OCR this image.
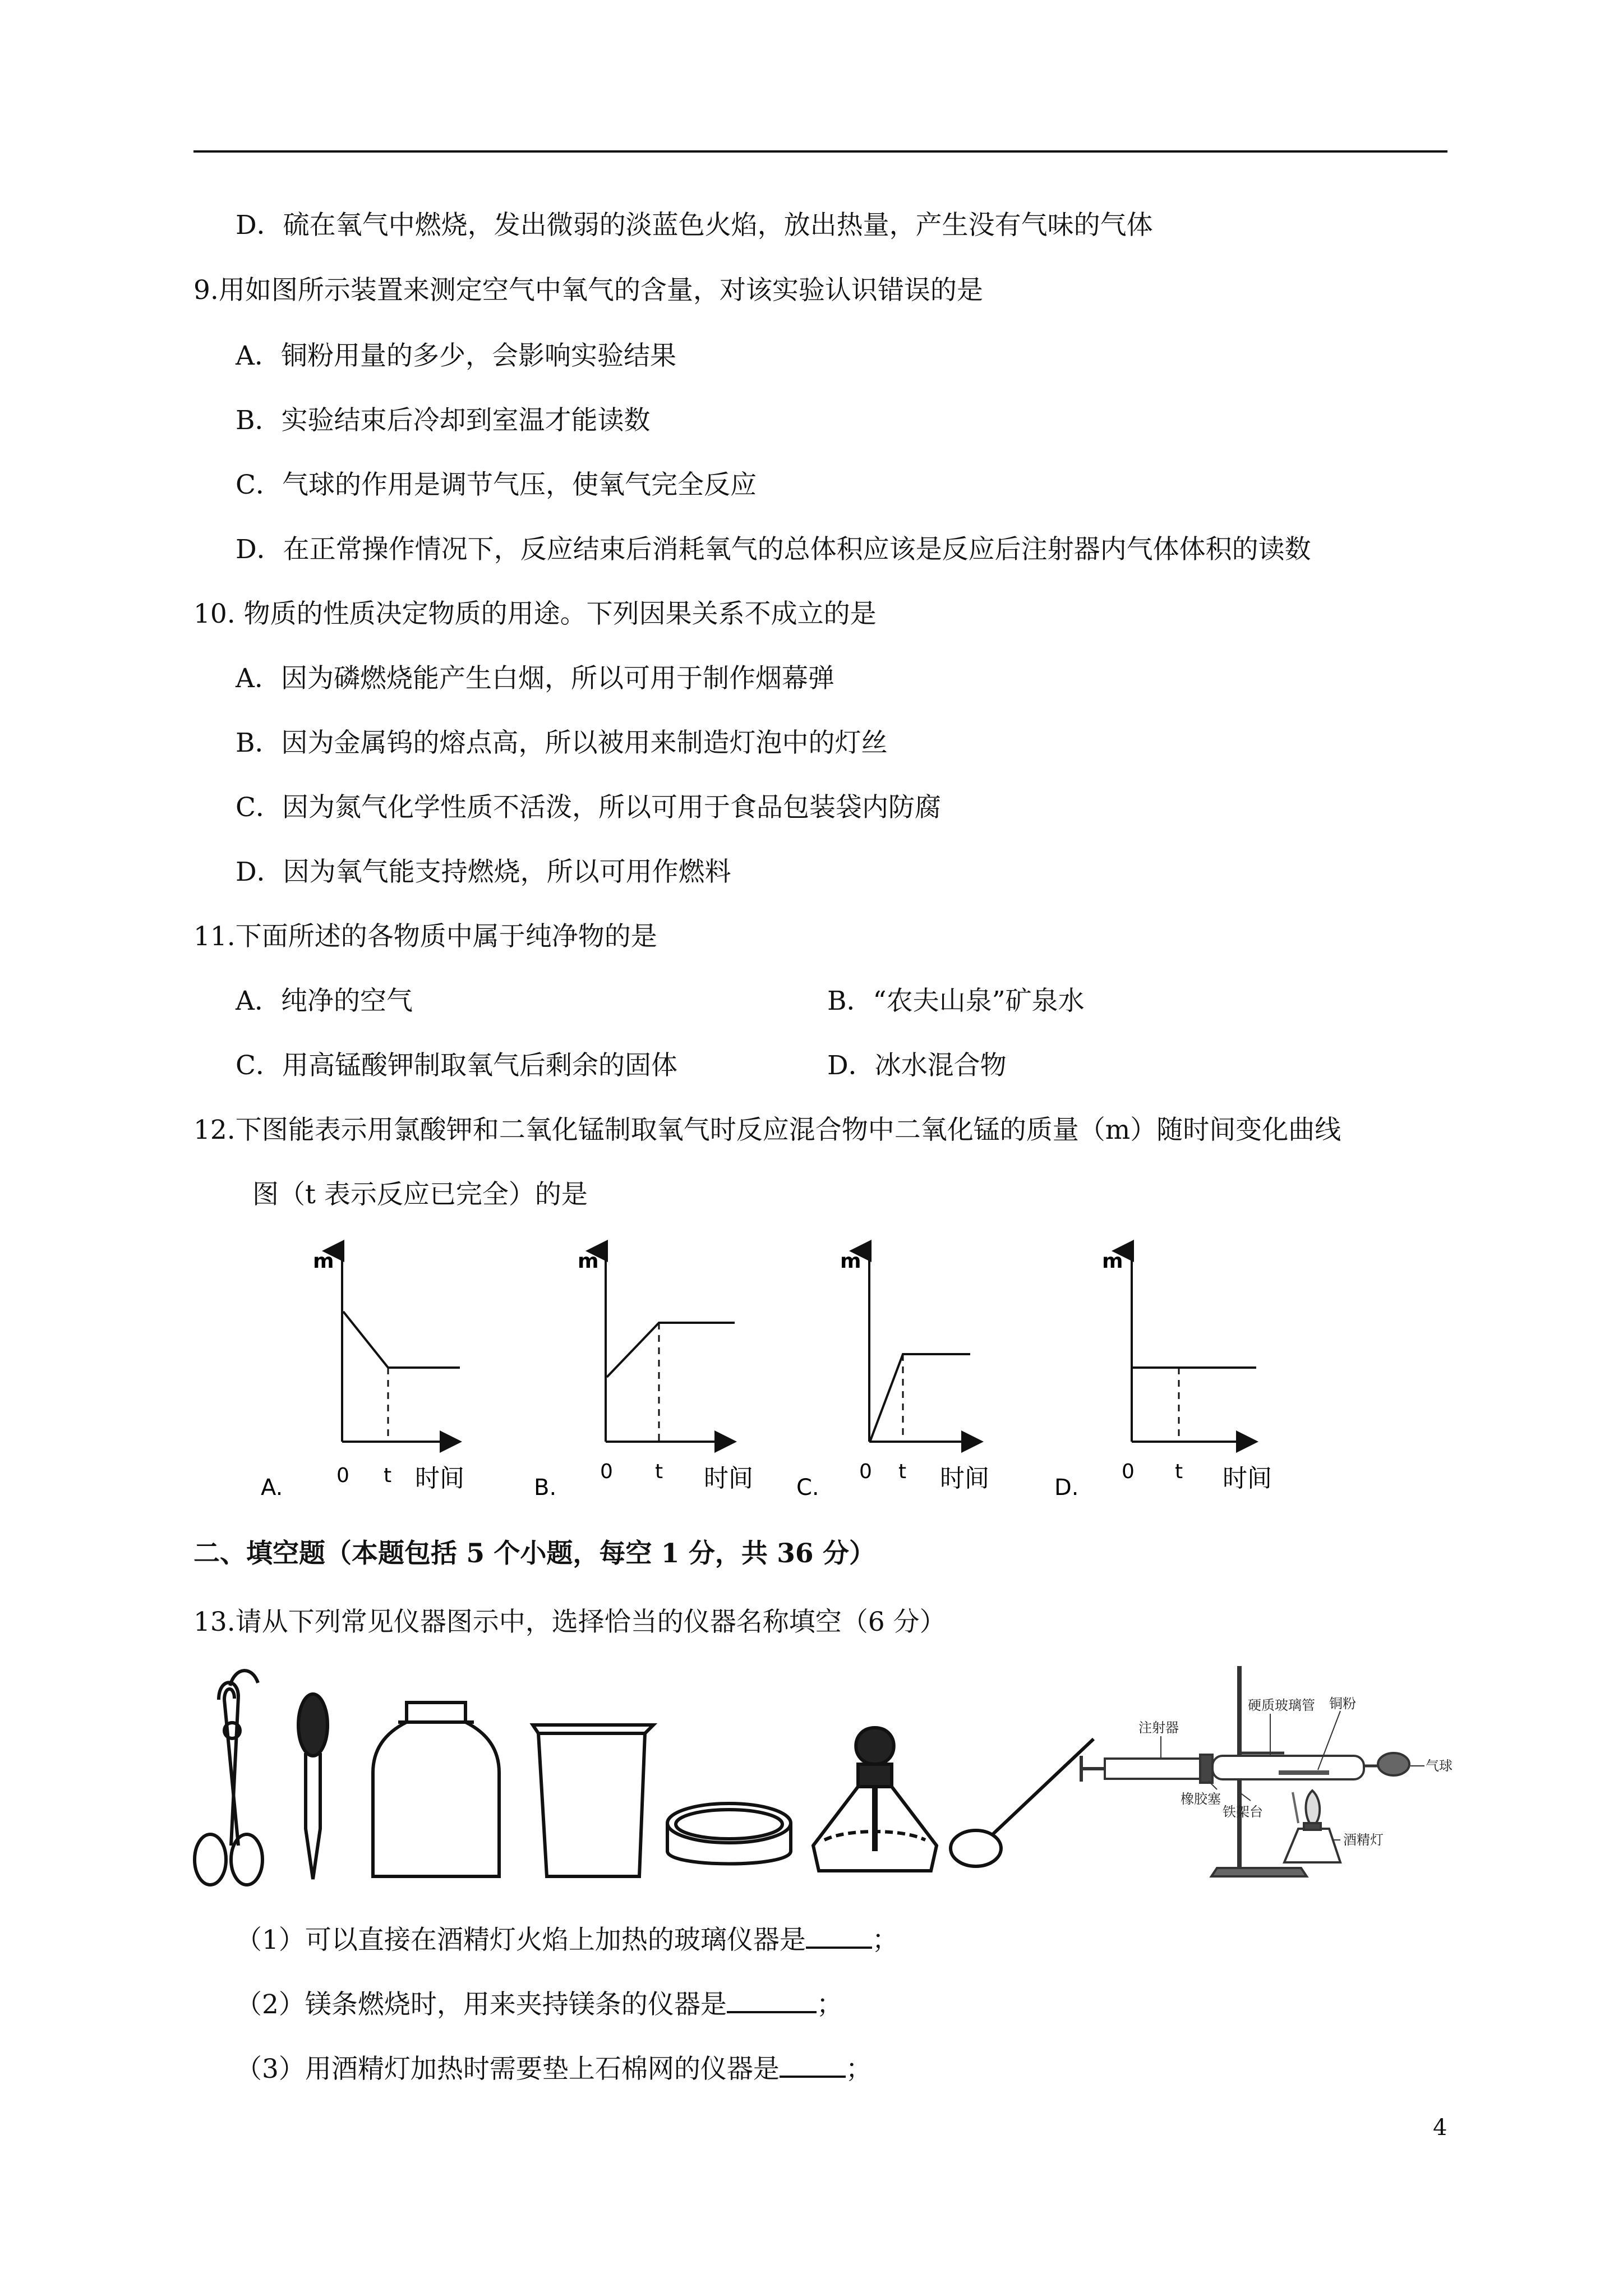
D．硫在氧气中燃烧，发出微弱的淡蓝色火焰，放出热量，产生没有气味的气体
9.用如图所示装置来测定空气中氧气的含量，对该实验认识错误的是
A．铜粉用量的多少，会影响实验结果
B．实验结束后冷却到室温才能读数
C．气球的作用是调节气压，使氧气完全反应
D．在正常操作情况下，反应结束后消耗氧气的总体积应该是反应后注射器内气体体积的读数
10. 物质的性质决定物质的用途。下列因果关系不成立的是
A．因为磷燃烧能产生白烟，所以可用于制作烟幕弹
B．因为金属钨的熔点高，所以被用来制造灯泡中的灯丝
C．因为氮气化学性质不活泼，所以可用于食品包装袋内防腐
D．因为氧气能支持燃烧，所以可用作燃料
11.下面所述的各物质中属于纯净物的是
A．纯净的空气	B．“农夫山泉”矿泉水
C．用高锰酸钾制取氧气后剩余的固体	D．冰水混合物
12.下图能表示用氯酸钾和二氧化锰制取氧气时反应混合物中二氧化锰的质量（m）随时间变化曲线
图（t 表示反应已完全）的是
m
0 t 时间
A.
m
0 t 时间
B.
m
0 t 时间
C.
m
0 t 时间
D.
二、填空题（本题包括 5 个小题，每空 1 分，共 36 分）
13.请从下列常见仪器图示中，选择恰当的仪器名称填空（6 分）
注射器
硬质玻璃管 铜粉
气球
橡胶塞
铁架台
酒精灯
（1）可以直接在酒精灯火焰上加热的玻璃仪器是	；
（2）镁条燃烧时，用来夹持镁条的仪器是	；
（3）用酒精灯加热时需要垫上石棉网的仪器是	；
4
